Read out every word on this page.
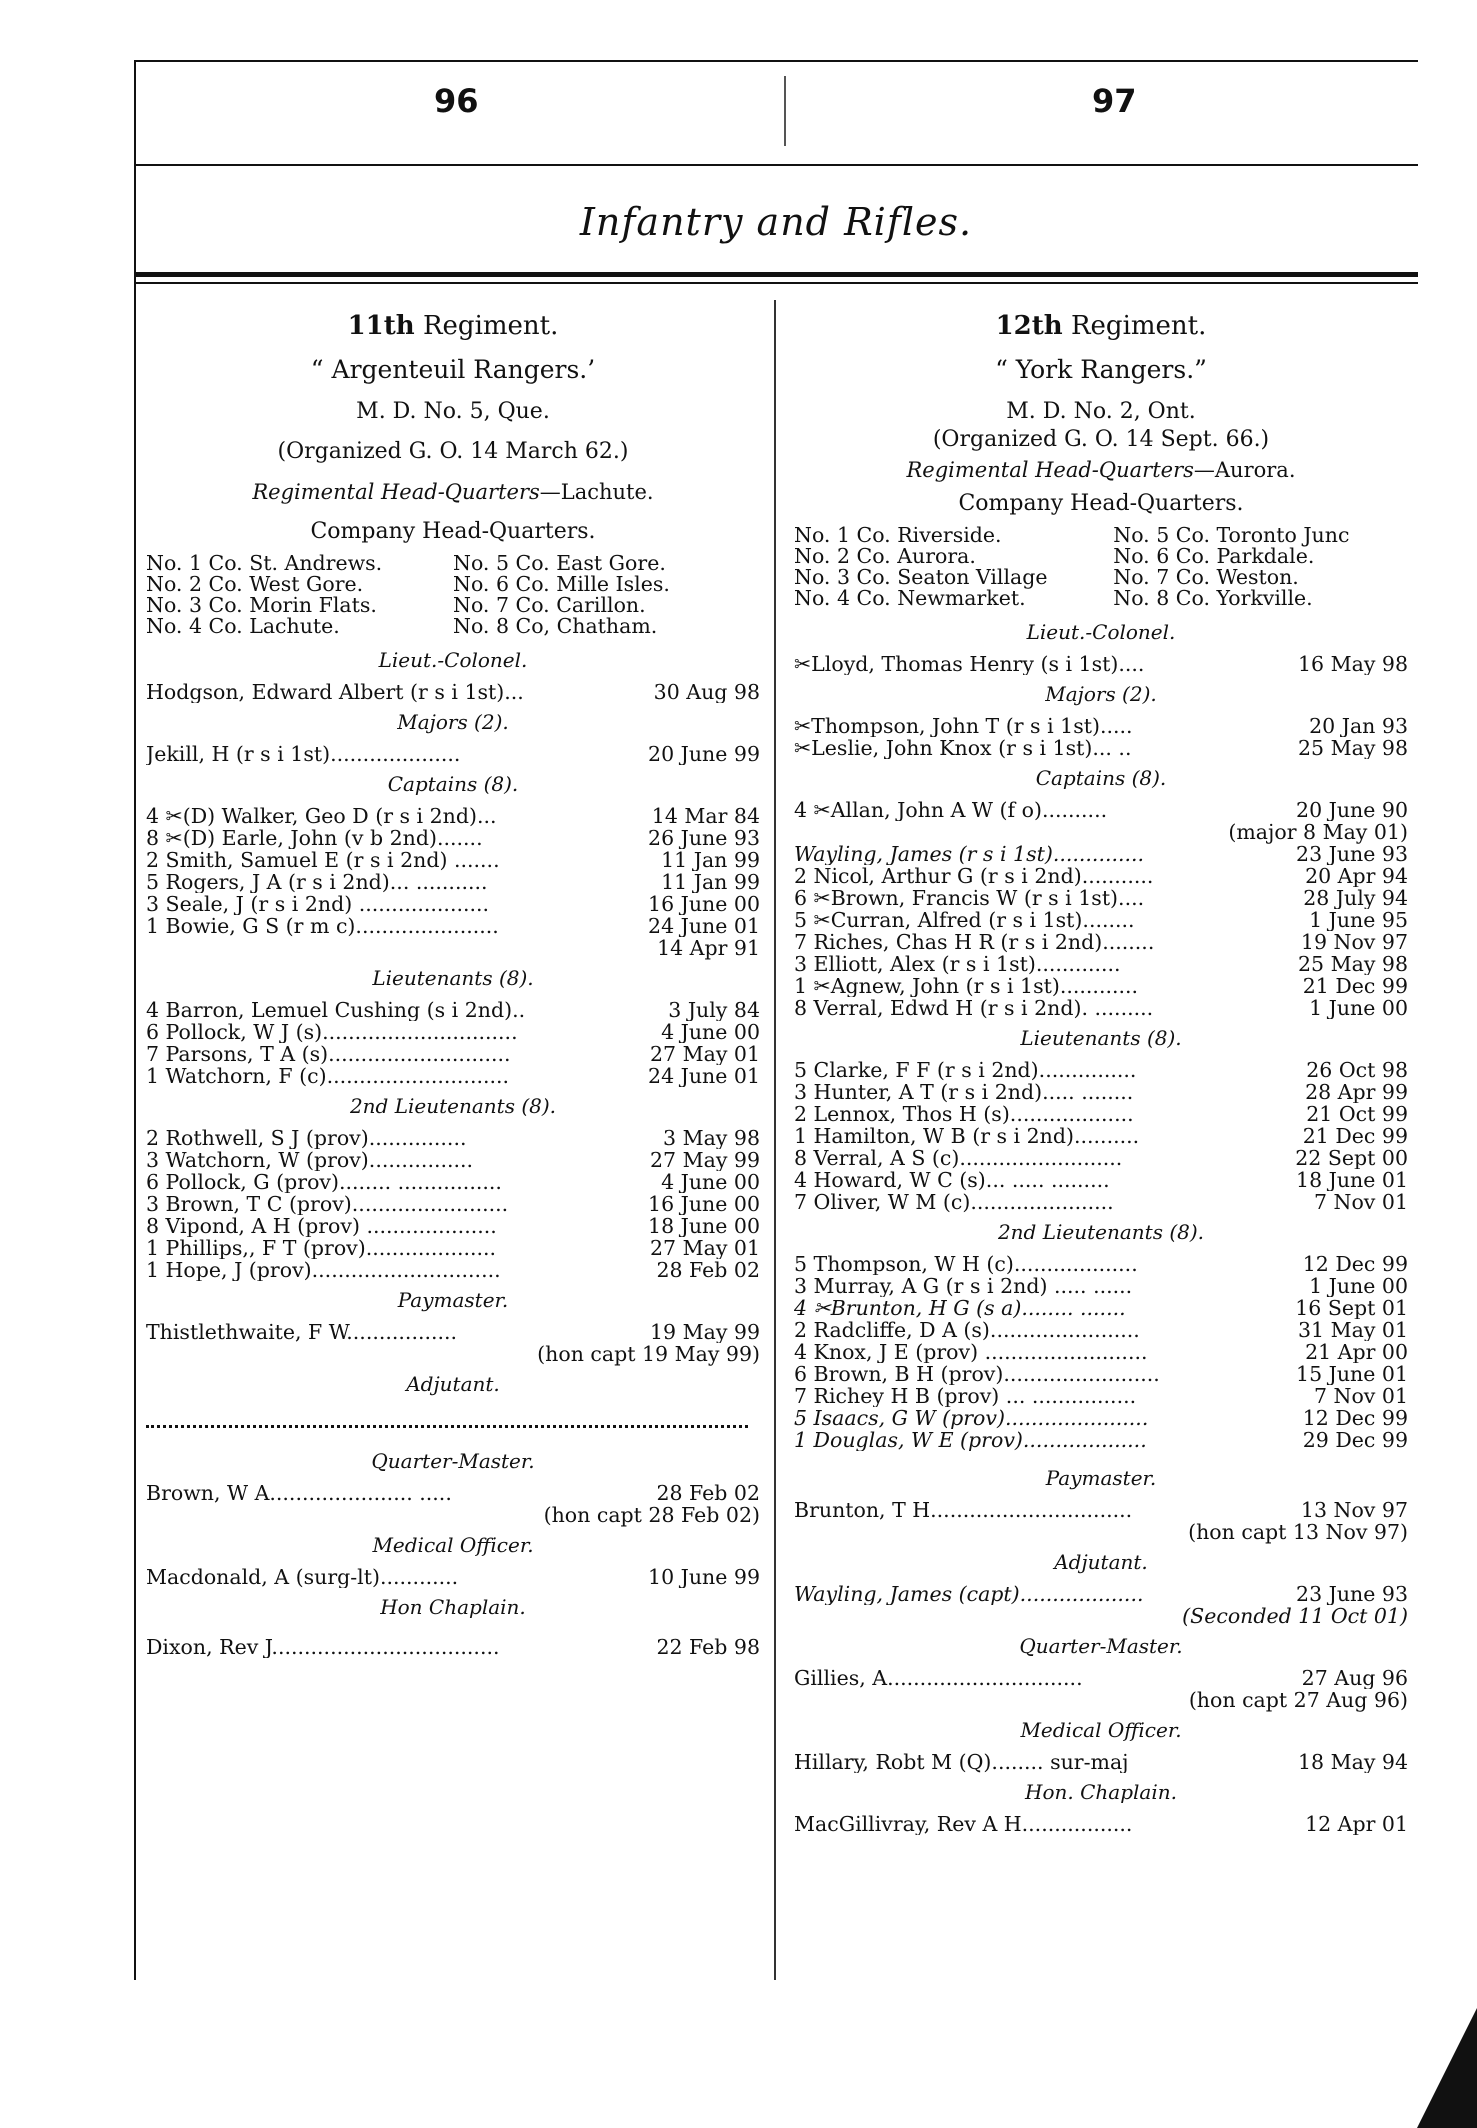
96	97
Infantry and Rifles.
11th Regiment.
“ Argenteuil Rangers.’
M. D. No. 5, Que.
(Organized G. O. 14 March 62.)
Regimental Head-Quarters—Lachute.
Company Head-Quarters.
No. 1 Co. St. Andrews.	No. 5 Co. East Gore.
No. 2 Co. West Gore.	No. 6 Co. Mille Isles.
No. 3 Co. Morin Flats.	No. 7 Co. Carillon.
No. 4 Co. Lachute.	No. 8 Co, Chatham.
Lieut.-Colonel.
Hodgson, Edward Albert (r s i 1st)...	30 Aug 98
Majors (2).
Jekill, H (r s i 1st)....................	20 June 99
Captains (8).
4 ✂(D) Walker, Geo D (r s i 2nd)...	14 Mar 84
8 ✂(D) Earle, John (v b 2nd).......	26 June 93
2 Smith, Samuel E (r s i 2nd) .......	11 Jan 99
5 Rogers, J A (r s i 2nd)... ...........	11 Jan 99
3 Seale, J (r s i 2nd) ....................	16 June 00
1 Bowie, G S (r m c)......................	24 June 01
14 Apr 91
Lieutenants (8).
4 Barron, Lemuel Cushing (s i 2nd)..	3 July 84
6 Pollock, W J (s)..............................	4 June 00
7 Parsons, T A (s)............................	27 May 01
1 Watchorn, F (c)............................	24 June 01
2nd Lieutenants (8).
2 Rothwell, S J (prov)...............	3 May 98
3 Watchorn, W (prov)................	27 May 99
6 Pollock, G (prov)........ ................	4 June 00
3 Brown, T C (prov)........................	16 June 00
8 Vipond, A H (prov) ....................	18 June 00
1 Phillips,, F T (prov)....................	27 May 01
1 Hope, J (prov).............................	28 Feb 02
Paymaster.
Thistlethwaite, F W.................	19 May 99
(hon capt 19 May 99)
Adjutant.
Quarter-Master.
Brown, W A...................... .....	28 Feb 02
(hon capt 28 Feb 02)
Medical Officer.
Macdonald, A (surg-lt)............	10 June 99
Hon Chaplain.
Dixon, Rev J...................................	22 Feb 98
12th Regiment.
“ York Rangers.”
M. D. No. 2, Ont.
(Organized G. O. 14 Sept. 66.)
Regimental Head-Quarters—Aurora.
Company Head-Quarters.
No. 1 Co. Riverside.	No. 5 Co. Toronto Junc
No. 2 Co. Aurora.	No. 6 Co. Parkdale.
No. 3 Co. Seaton Village	No. 7 Co. Weston.
No. 4 Co. Newmarket.	No. 8 Co. Yorkville.
Lieut.-Colonel.
✂Lloyd, Thomas Henry (s i 1st)....	16 May 98
Majors (2).
✂Thompson, John T (r s i 1st).....	20 Jan 93
✂Leslie, John Knox (r s i 1st)... ..	25 May 98
Captains (8).
4 ✂Allan, John A W (f o)..........	20 June 90
(major 8 May 01)
Wayling, James (r s i 1st)..............	23 June 93
2 Nicol, Arthur G (r s i 2nd)...........	20 Apr 94
6 ✂Brown, Francis W (r s i 1st)....	28 July 94
5 ✂Curran, Alfred (r s i 1st)........	1 June 95
7 Riches, Chas H R (r s i 2nd)........	19 Nov 97
3 Elliott, Alex (r s i 1st).............	25 May 98
1 ✂Agnew, John (r s i 1st)............	21 Dec 99
8 Verral, Edwd H (r s i 2nd). .........	1 June 00
Lieutenants (8).
5 Clarke, F F (r s i 2nd)...............	26 Oct 98
3 Hunter, A T (r s i 2nd)..... ........	28 Apr 99
2 Lennox, Thos H (s)...................	21 Oct 99
1 Hamilton, W B (r s i 2nd)..........	21 Dec 99
8 Verral, A S (c).........................	22 Sept 00
4 Howard, W C (s)... ..... .........	18 June 01
7 Oliver, W M (c)......................	7 Nov 01
2nd Lieutenants (8).
5 Thompson, W H (c)...................	12 Dec 99
3 Murray, A G (r s i 2nd) ..... ......	1 June 00
4 ✂Brunton, H G (s a)........ .......	16 Sept 01
2 Radcliffe, D A (s).......................	31 May 01
4 Knox, J E (prov) .........................	21 Apr 00
6 Brown, B H (prov)........................	15 June 01
7 Richey H B (prov) ... ................	7 Nov 01
5 Isaacs, G W (prov)......................	12 Dec 99
1 Douglas, W E (prov)...................	29 Dec 99
Paymaster.
Brunton, T H...............................	13 Nov 97
(hon capt 13 Nov 97)
Adjutant.
Wayling, James (capt)...................	23 June 93
(Seconded 11 Oct 01)
Quarter-Master.
Gillies, A..............................	27 Aug 96
(hon capt 27 Aug 96)
Medical Officer.
Hillary, Robt M (Q)........ sur-maj	18 May 94
Hon. Chaplain.
MacGillivray, Rev A H.................	12 Apr 01
